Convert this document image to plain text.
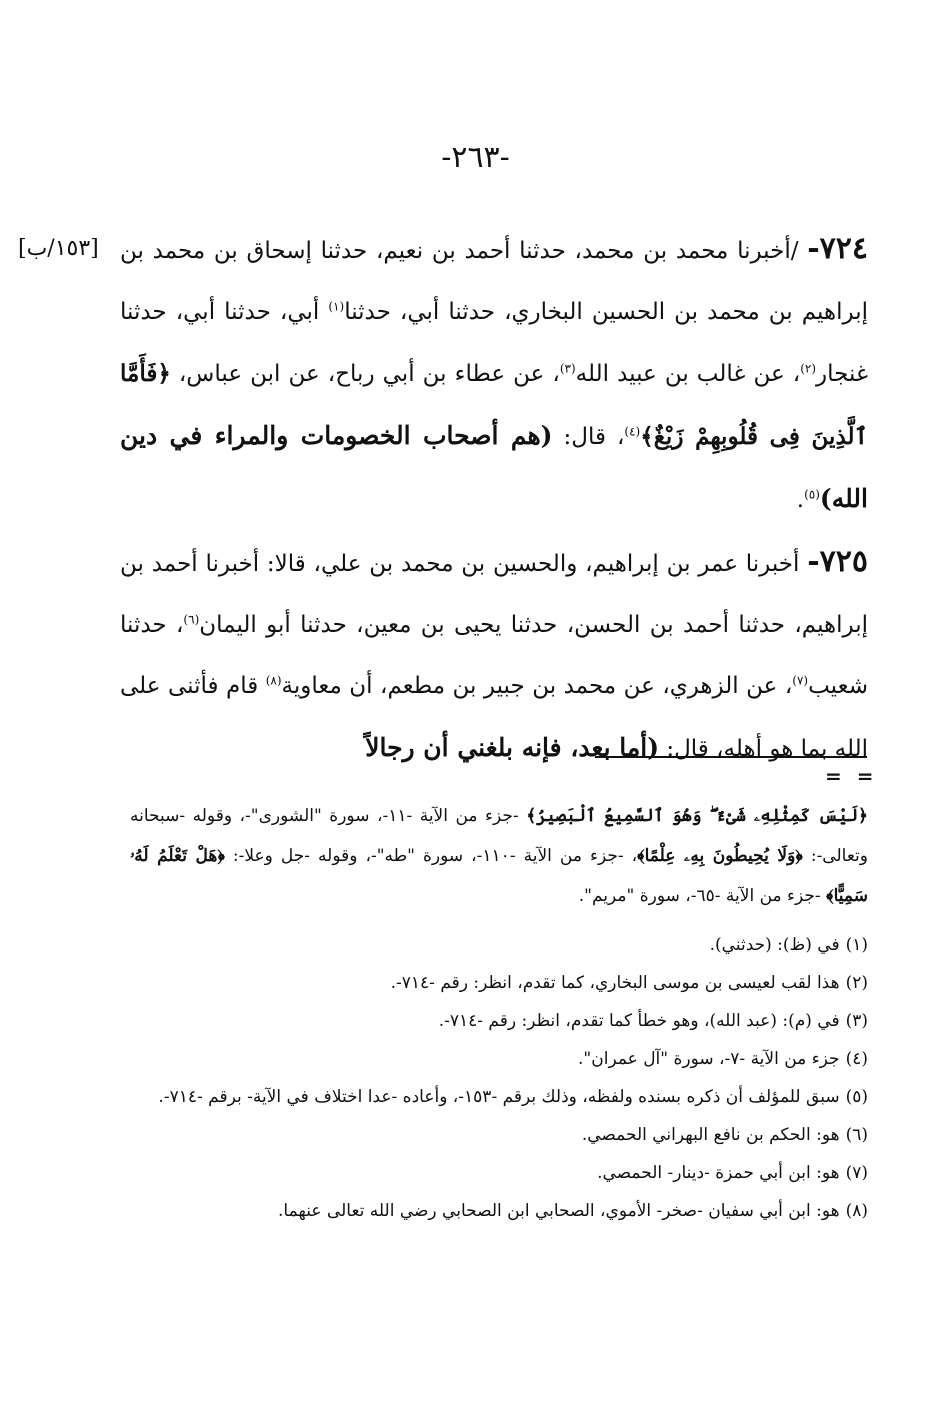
-٢٦٣-
[١٥٣/ب]	٧٢٤- /أخبرنا محمد بن محمد، حدثنا أحمد بن نعيم، حدثنا إسحاق بن محمد بن إبراهيم بن محمد بن الحسين البخاري، حدثنا أبي، حدثنا$^{(١)}$ أبي، حدثنا أبي، حدثنا غنجار$^{(٢)}$، عن غالب بن عبيد الله$^{(٣)}$، عن عطاء بن أبي رباح، عن ابن عباس، ﴿فَأَمَّا ٱلَّذِينَ فِى قُلُوبِهِمْ زَيْغٌ﴾$^{(٤)}$، قال: (هم أصحاب الخصومات والمراء في دين الله)$^{(٥)}$.

٧٢٥- أخبرنا عمر بن إبراهيم، والحسين بن محمد بن علي، قالا: أخبرنا أحمد بن إبراهيم، حدثنا أحمد بن الحسن، حدثنا يحيى بن معين، حدثنا أبو اليمان$^{(٦)}$، حدثنا شعيب$^{(٧)}$، عن الزهري، عن محمد بن جبير بن مطعم، أن معاوية$^{(٨)}$ قام فأثنى على الله بما هو أهله، قال: (أما بعد، فإنه بلغني أن رجالاً

= =

﴿لَيْسَ كَمِثْلِهِۦ شَىْءٌ ۖ وَهُوَ ٱلسَّمِيعُ ٱلْبَصِيرُ﴾ -جزء من الآية -١١-، سورة "الشورى"-، وقوله -سبحانه وتعالى-: ﴿وَلَا يُحِيطُونَ بِهِۦ عِلْمًا﴾، -جزء من الآية -١١٠-، سورة "طه"-، وقوله -جل وعلا-: ﴿هَلْ تَعْلَمُ لَهُۥ سَمِيًّا﴾ -جزء من الآية -٦٥-، سورة "مريم".

(١)في (ظ): (حدثني).
(٢)هذا لقب لعيسى بن موسى البخاري، كما تقدم، انظر: رقم -٧١٤-.
(٣)في (م): (عبد الله)، وهو خطأ كما تقدم، انظر: رقم -٧١٤-.
(٤)جزء من الآية -٧-، سورة "آل عمران".
(٥)سبق للمؤلف أن ذكره بسنده ولفظه، وذلك برقم -١٥٣-، وأعاده -عدا اختلاف في الآية- برقم -٧١٤-.
(٦)هو: الحكم بن نافع البهراني الحمصي.
(٧)هو: ابن أبي حمزة -دينار- الحمصي.
(٨)هو: ابن أبي سفيان -صخر- الأموي، الصحابي ابن الصحابي رضي الله تعالى عنهما.
